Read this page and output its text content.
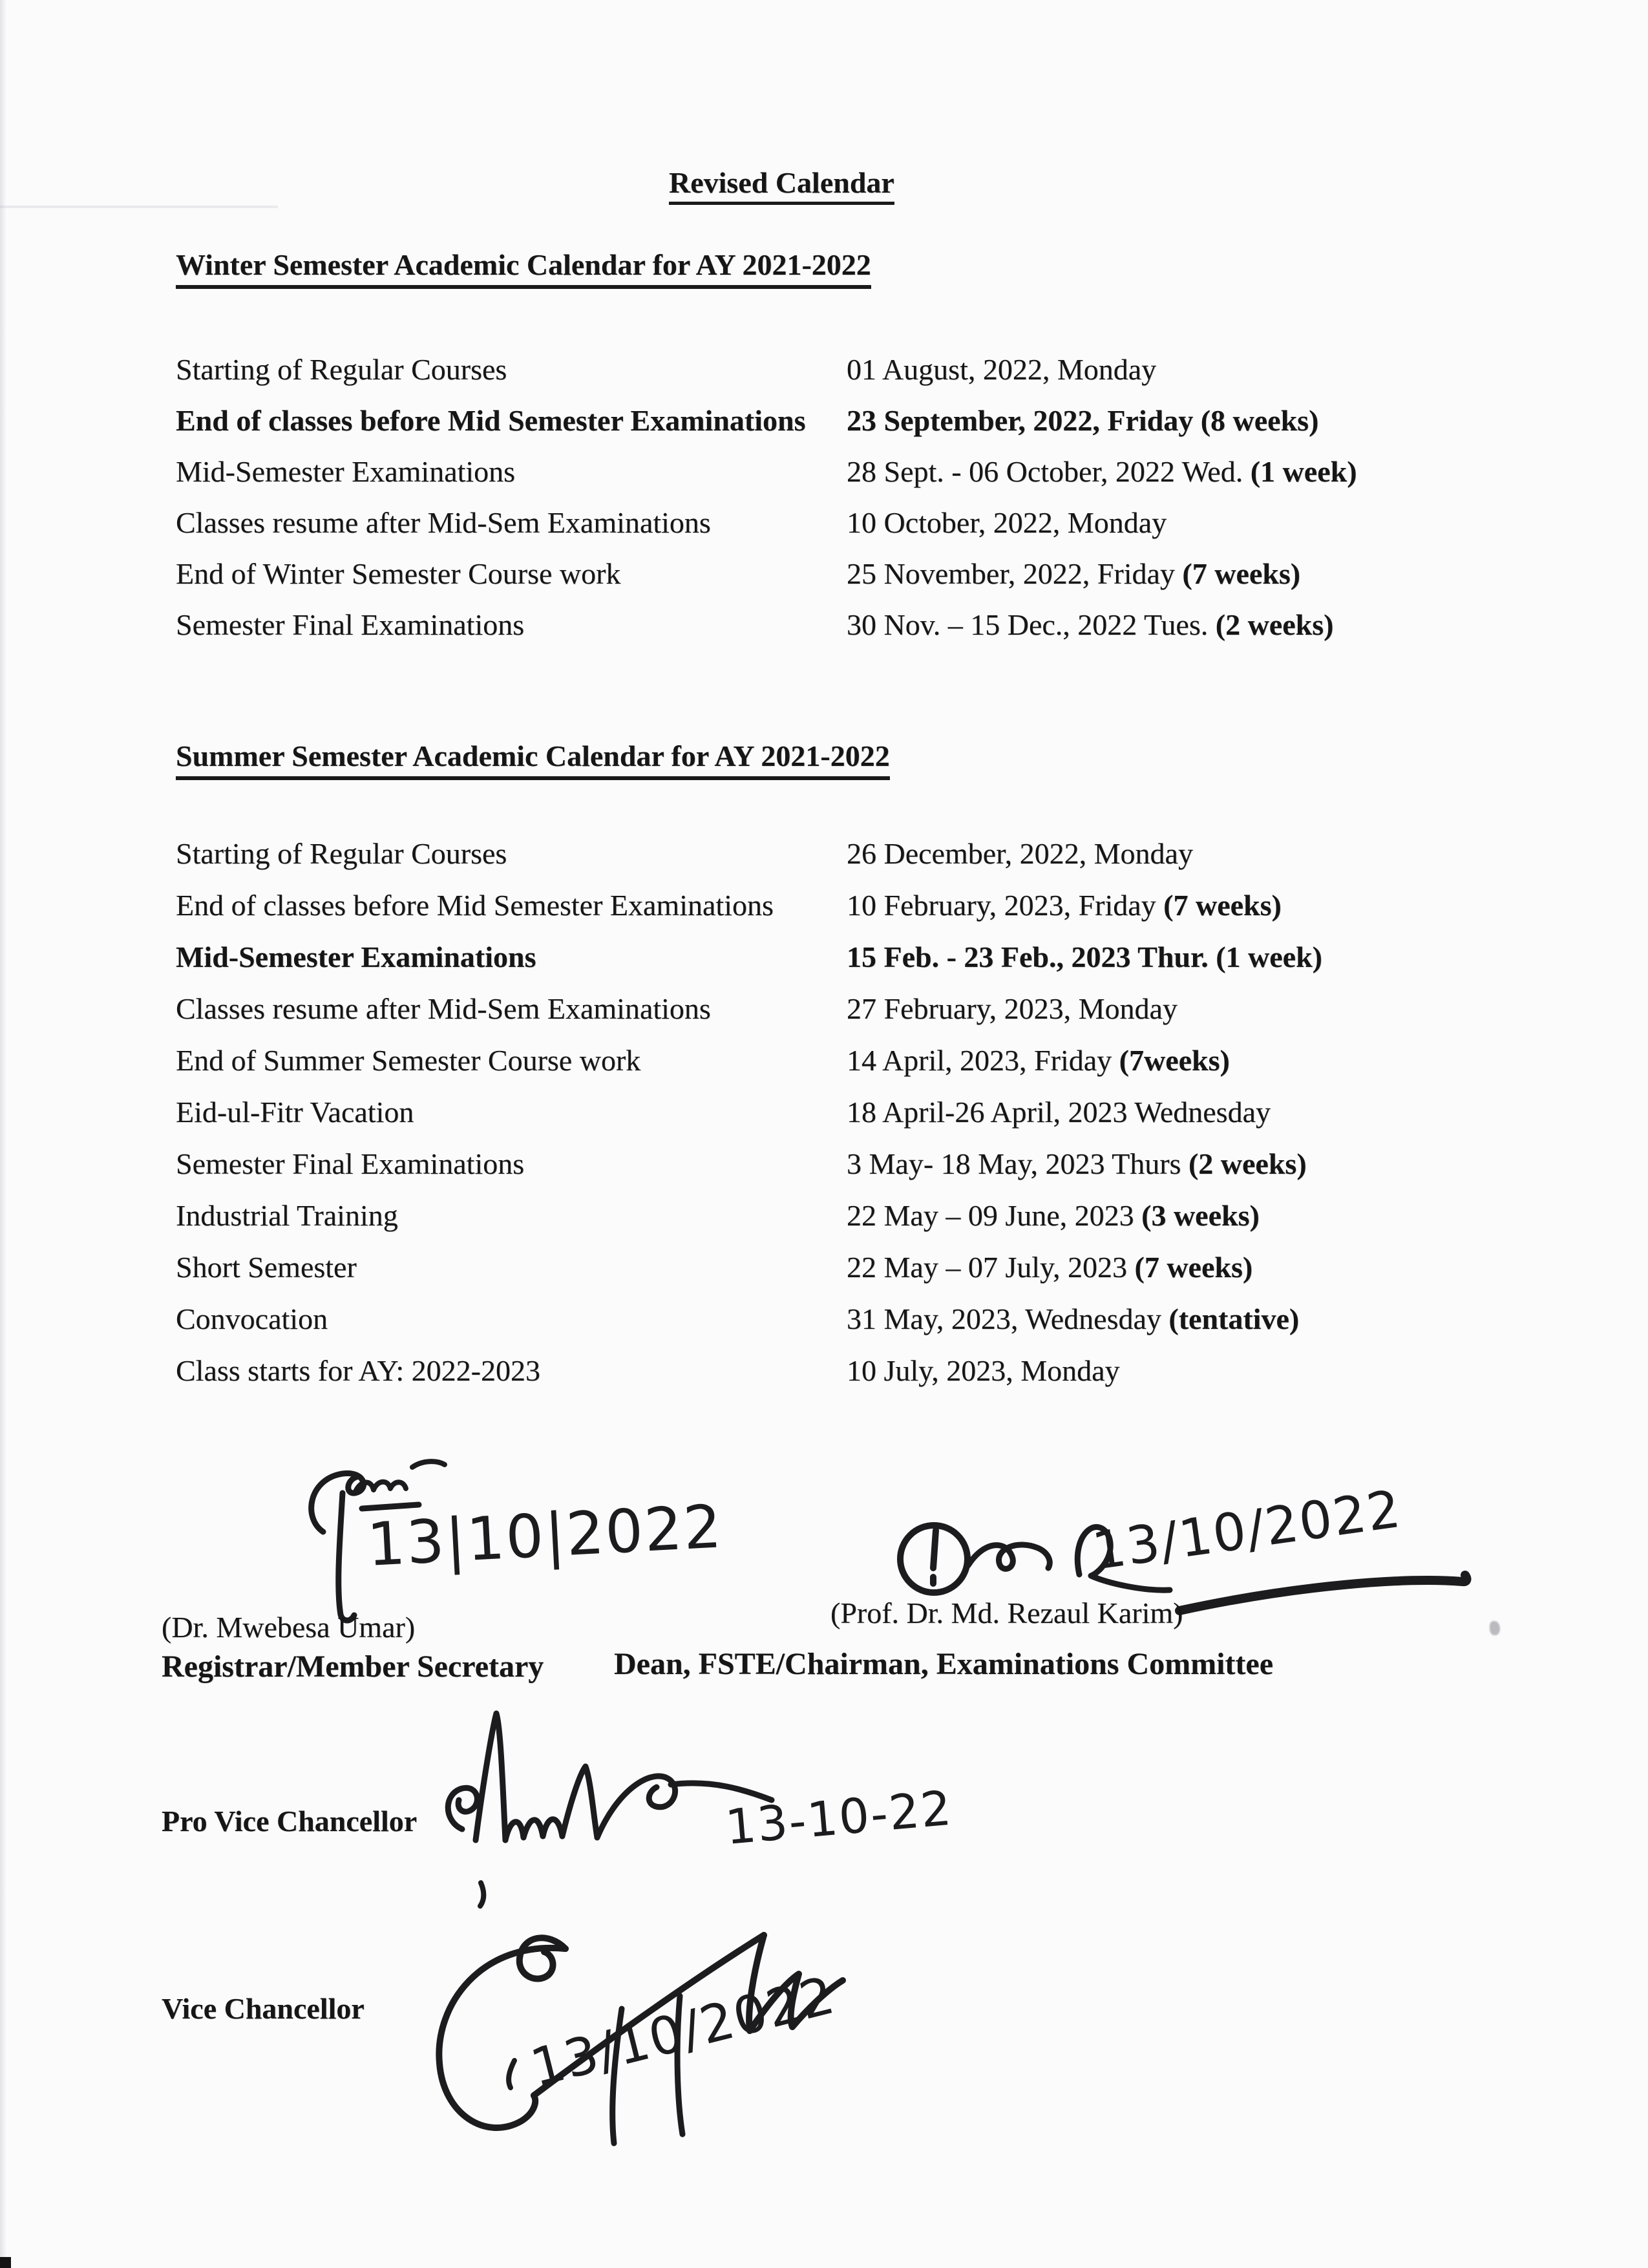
Revised Calendar
Winter Semester Academic Calendar for AY 2021-2022
Starting of Regular Courses	01 August, 2022, Monday
End of classes before Mid Semester Examinations	23 September, 2022, Friday (8 weeks)
Mid-Semester Examinations	28 Sept. - 06 October, 2022 Wed. (1 week)
Classes resume after Mid-Sem Examinations	10 October, 2022, Monday
End of Winter Semester Course work	25 November, 2022, Friday (7 weeks)
Semester Final Examinations	30 Nov. – 15 Dec., 2022 Tues. (2 weeks)
Summer Semester Academic Calendar for AY 2021-2022
Starting of Regular Courses	26 December, 2022, Monday
End of classes before Mid Semester Examinations	10 February, 2023, Friday (7 weeks)
Mid-Semester Examinations	15 Feb. - 23 Feb., 2023 Thur. (1 week)
Classes resume after Mid-Sem Examinations	27 February, 2023, Monday
End of Summer Semester Course work	14 April, 2023, Friday (7weeks)
Eid-ul-Fitr Vacation	18 April-26 April, 2023 Wednesday
Semester Final Examinations	3 May- 18 May, 2023 Thurs (2 weeks)
Industrial Training	22 May – 09 June, 2023 (3 weeks)
Short Semester	22 May – 07 July, 2023 (7 weeks)
Convocation	31 May, 2023, Wednesday (tentative)
Class starts for AY: 2022-2023	10 July, 2023, Monday
13|10|2022
(Dr. Mwebesa Umar)
Registrar/Member Secretary
13/10/2022
(Prof. Dr. Md. Rezaul Karim)
Dean, FSTE/Chairman, Examinations Committee
Pro Vice Chancellor	13-10-22
Vice Chancellor	13/10/2022
